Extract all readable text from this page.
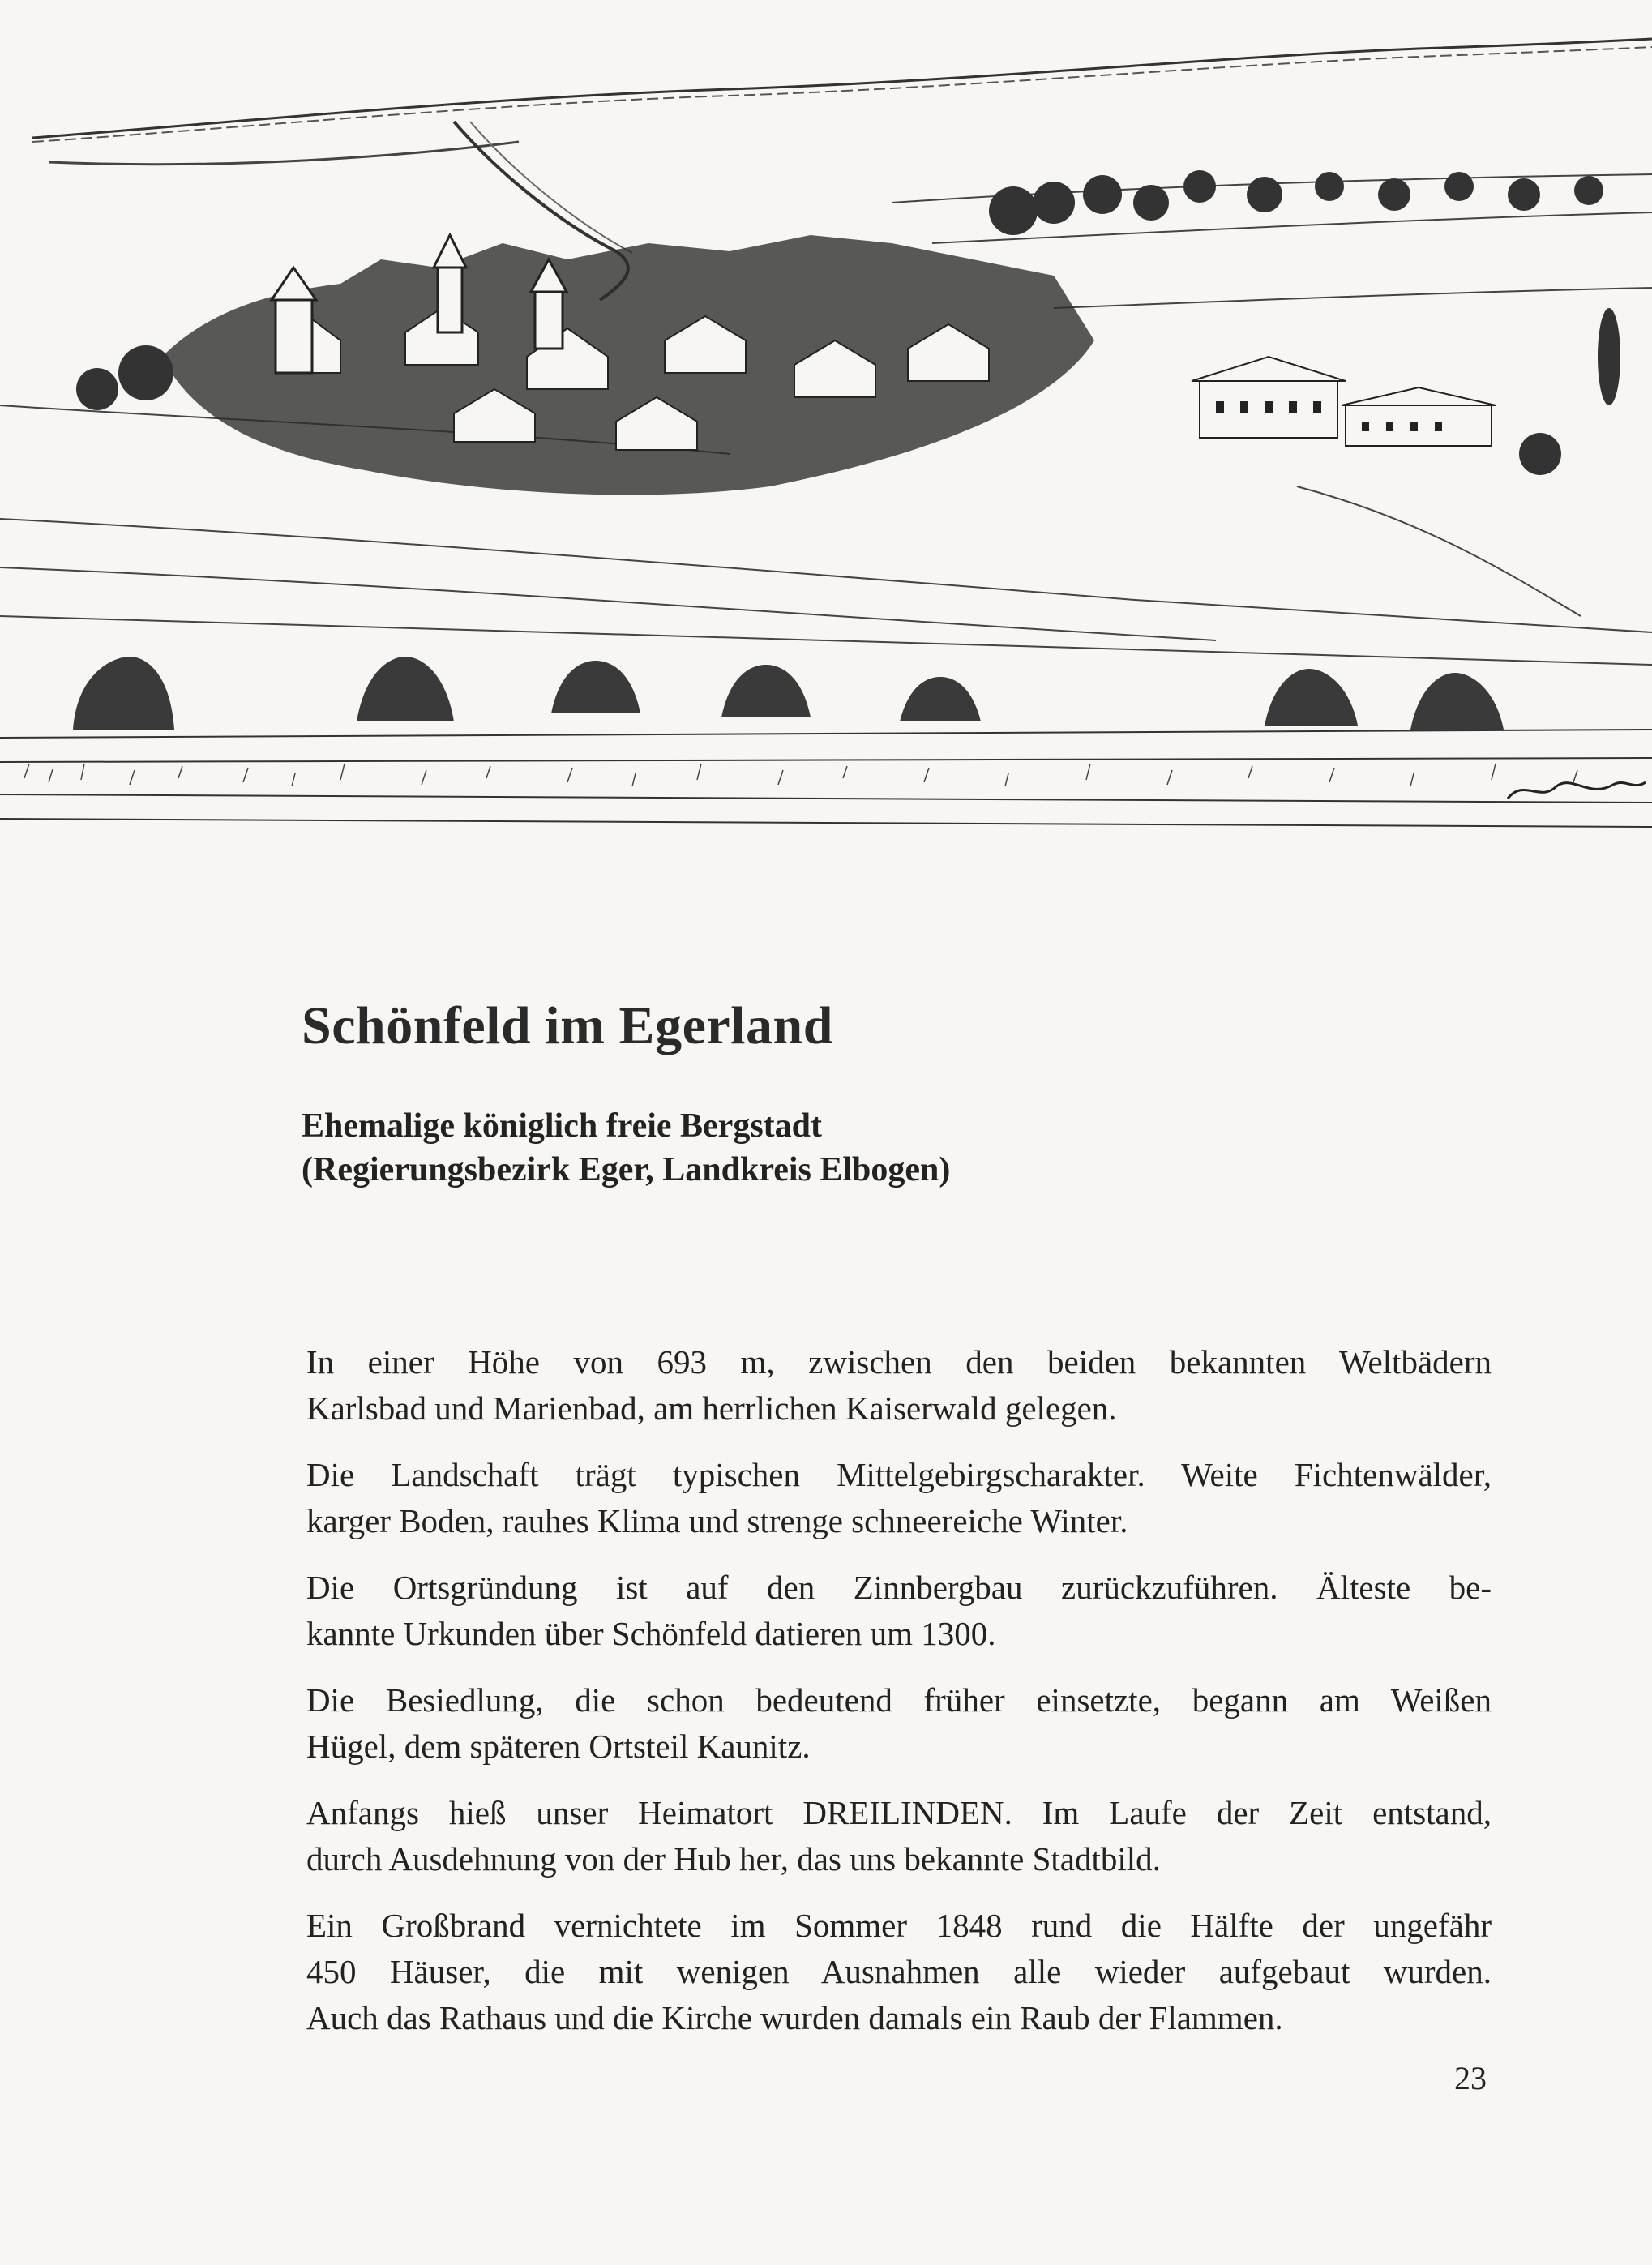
Schönfeld im Egerland
Ehemalige königlich freie Bergstadt
(Regierungsbezirk Eger, Landkreis Elbogen)

In einer Höhe von 693 m, zwischen den beiden bekannten Weltbädern
Karlsbad und Marienbad, am herrlichen Kaiserwald gelegen.

Die Landschaft trägt typischen Mittelgebirgscharakter. Weite Fichtenwälder,
karger Boden, rauhes Klima und strenge schneereiche Winter.

Die Ortsgründung ist auf den Zinnbergbau zurückzuführen. Älteste be-
kannte Urkunden über Schönfeld datieren um 1300.

Die Besiedlung, die schon bedeutend früher einsetzte, begann am Weißen
Hügel, dem späteren Ortsteil Kaunitz.

Anfangs hieß unser Heimatort DREILINDEN. Im Laufe der Zeit entstand,
durch Ausdehnung von der Hub her, das uns bekannte Stadtbild.

Ein Großbrand vernichtete im Sommer 1848 rund die Hälfte der ungefähr
450 Häuser, die mit wenigen Ausnahmen alle wieder aufgebaut wurden.
Auch das Rathaus und die Kirche wurden damals ein Raub der Flammen.

23
